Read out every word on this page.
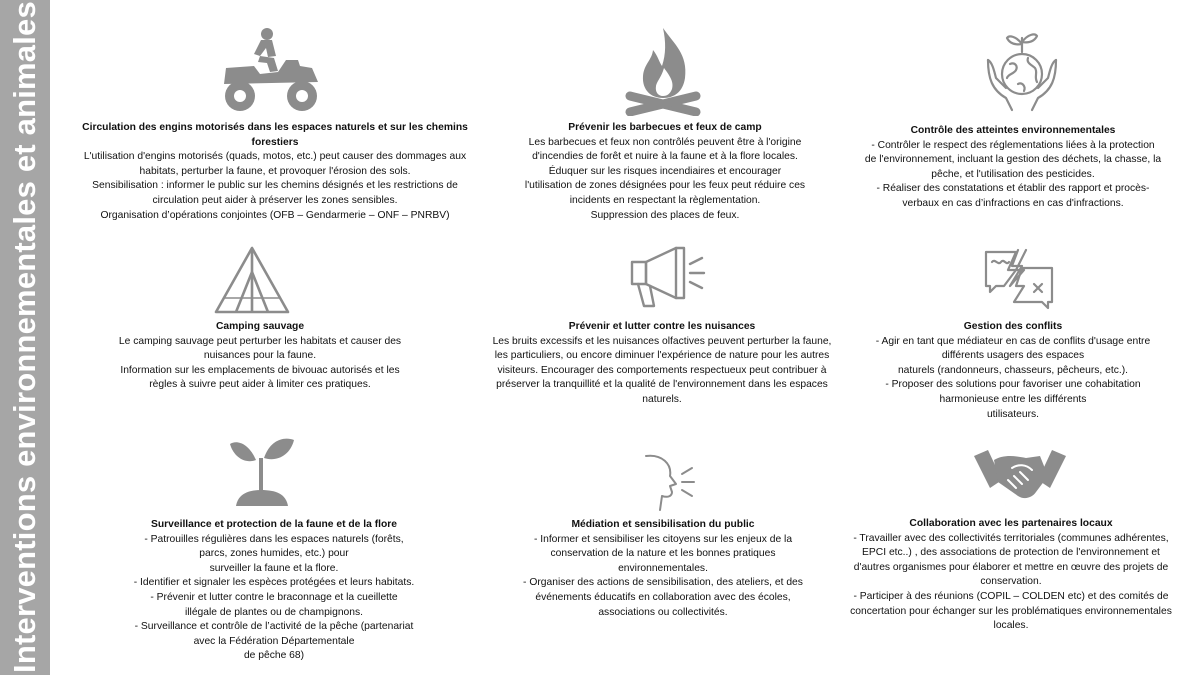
Interventions environnementales et animales	Circulation des engins motorisés dans les espaces naturels et sur les chemins forestiers
L'utilisation d'engins motorisés (quads, motos, etc.) peut causer des dommages aux
habitats, perturber la faune, et provoquer l'érosion des sols.
Sensibilisation : informer le public sur les chemins désignés et les restrictions de
circulation peut aider à préserver les zones sensibles.
Organisation d’opérations conjointes (OFB – Gendarmerie – ONF – PNRBV)
Prévenir les barbecues et feux de camp
Les barbecues et feux non contrôlés peuvent être à l'origine
d'incendies de forêt et nuire à la faune et à la flore locales.
Éduquer sur les risques incendiaires et encourager
l'utilisation de zones désignées pour les feux peut réduire ces
incidents en respectant la règlementation.
Suppression des places de feux.
Contrôle des atteintes environnementales
- Contrôler le respect des réglementations liées à la protection
de l'environnement, incluant la gestion des déchets, la chasse, la
pêche, et l'utilisation des pesticides.
- Réaliser des constatations et établir des rapport et procès-
verbaux en cas d’infractions en cas d'infractions.
Camping sauvage
Le camping sauvage peut perturber les habitats et causer des
nuisances pour la faune.
Information sur les emplacements de bivouac autorisés et les
règles à suivre peut aider à limiter ces pratiques.
Prévenir et lutter contre les nuisances
Les bruits excessifs et les nuisances olfactives peuvent perturber la faune,
les particuliers, ou encore diminuer l'expérience de nature pour les autres
visiteurs. Encourager des comportements respectueux peut contribuer à
préserver la tranquillité et la qualité de l'environnement dans les espaces
naturels.
Gestion des conflits
- Agir en tant que médiateur en cas de conflits d'usage entre
différents usagers des espaces
naturels (randonneurs, chasseurs, pêcheurs, etc.).
- Proposer des solutions pour favoriser une cohabitation
harmonieuse entre les différents
utilisateurs.
Surveillance et protection de la faune et de la flore
- Patrouilles régulières dans les espaces naturels (forêts,
parcs, zones humides, etc.) pour
surveiller la faune et la flore.
- Identifier et signaler les espèces protégées et leurs habitats.
- Prévenir et lutter contre le braconnage et la cueillette
illégale de plantes ou de champignons.
- Surveillance et contrôle de l’activité de la pêche (partenariat
avec la Fédération Départementale
de pêche 68)
Médiation et sensibilisation du public
- Informer et sensibiliser les citoyens sur les enjeux de la
conservation de la nature et les bonnes pratiques
environnementales.
- Organiser des actions de sensibilisation, des ateliers, et des
événements éducatifs en collaboration avec des écoles,
associations ou collectivités.
Collaboration avec les partenaires locaux
- Travailler avec des collectivités territoriales (communes adhérentes,
EPCI etc..) , des associations de protection de l'environnement et
d'autres organismes pour élaborer et mettre en œuvre des projets de
conservation.
- Participer à des réunions (COPIL – COLDEN etc) et des comités de
concertation pour échanger sur les problématiques environnementales
locales.
